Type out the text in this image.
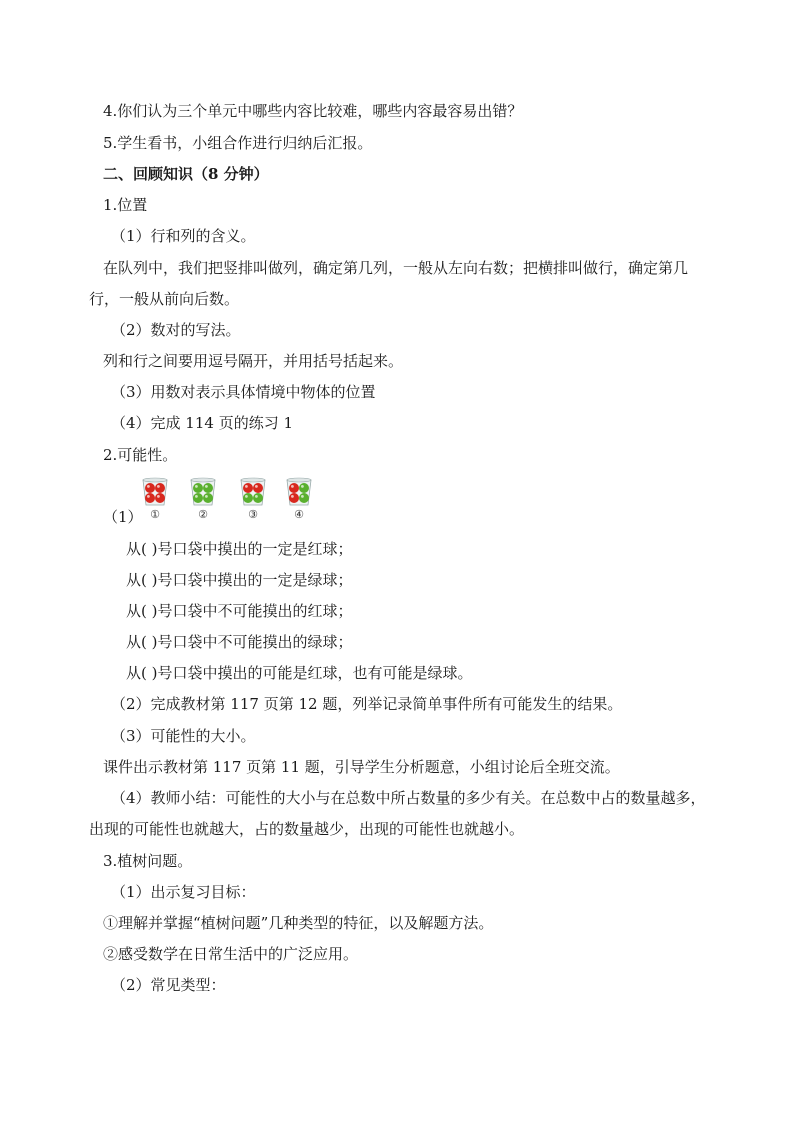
4.你们认为三个单元中哪些内容比较难，哪些内容最容易出错？
5.学生看书，小组合作进行归纳后汇报。
二、回顾知识（8 分钟）
1.位置
（1）行和列的含义。
在队列中，我们把竖排叫做列，确定第几列，一般从左向右数；把横排叫做行，确定第几
行，一般从前向后数。
（2）数对的写法。
列和行之间要用逗号隔开，并用括号括起来。
（3）用数对表示具体情境中物体的位置
（4）完成 114 页的练习 1
2.可能性。
（1） ①	②	③	④
从( )号口袋中摸出的一定是红球；
从( )号口袋中摸出的一定是绿球；
从( )号口袋中不可能摸出的红球；
从( )号口袋中不可能摸出的绿球；
从( )号口袋中摸出的可能是红球，也有可能是绿球。
（2）完成教材第 117 页第 12 题，列举记录简单事件所有可能发生的结果。
（3）可能性的大小。
课件出示教材第 117 页第 11 题，引导学生分析题意，小组讨论后全班交流。
（4）教师小结：可能性的大小与在总数中所占数量的多少有关。在总数中占的数量越多，
出现的可能性也就越大，占的数量越少，出现的可能性也就越小。
3.植树问题。
（1）出示复习目标：
①理解并掌握“植树问题”几种类型的特征，以及解题方法。
②感受数学在日常生活中的广泛应用。
（2）常见类型：
